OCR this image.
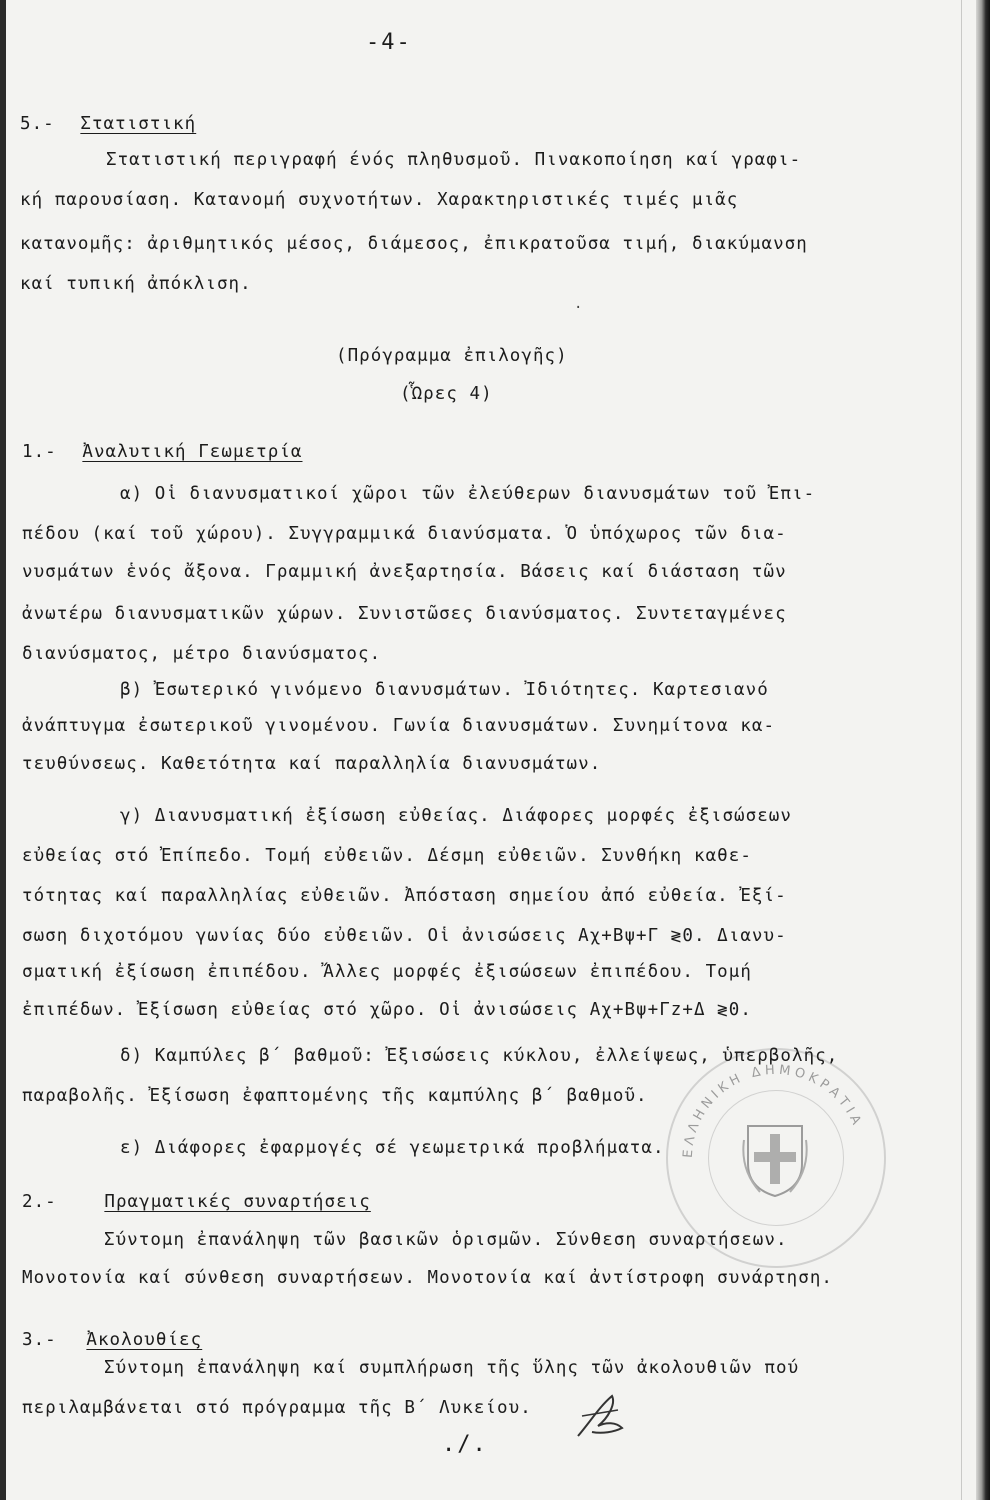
-4-
5.- Στατιστική
Στατιστική περιγραφή ένός πληθυσμοῦ. Πινακοποίηση καί γραφι-
κή παρουσίαση. Κατανομή συχνοτήτων. Χαρακτηριστικές τιμές μιᾶς
κατανομῆς: ἀριθμητικός μέσος, διάμεσος, ἐπικρατοῦσα τιμή, διακύμανση
καί τυπική ἀπόκλιση.
·
(Πρόγραμμα ἐπιλογῆς)
(Ὧρες 4)
1.- Ἀναλυτική Γεωμετρία
α) Οἱ διανυσματικοί χῶροι τῶν ἐλεύθερων διανυσμάτων τοῦ Ἐπι-
πέδου (καί τοῦ χώρου). Συγγραμμικά διανύσματα. Ὁ ὑπόχωρος τῶν δια-
νυσμάτων ἑνός ἄξονα. Γραμμική ἀνεξαρτησία. Βάσεις καί διάσταση τῶν
ἀνωτέρω διανυσματικῶν χώρων. Συνιστῶσες διανύσματος. Συντεταγμένες
διανύσματος, μέτρο διανύσματος.
β) Ἐσωτερικό γινόμενο διανυσμάτων. Ἰδιότητες. Καρτεσιανό
ἀνάπτυγμα ἐσωτερικοῦ γινομένου. Γωνία διανυσμάτων. Συνημίτονα κα-
τευθύνσεως. Καθετότητα καί παραλληλία διανυσμάτων.
γ) Διανυσματική ἐξίσωση εὐθείας. Διάφορες μορφές ἐξισώσεων
εὐθείας στό Ἐπίπεδο. Τομή εὐθειῶν. Δέσμη εὐθειῶν. Συνθήκη καθε-
τότητας καί παραλληλίας εὐθειῶν. Ἀπόσταση σημείου ἀπό εὐθεία. Ἐξί-
σωση διχοτόμου γωνίας δύο εὐθειῶν. Οἱ ἀνισώσεις Αχ+Βψ+Γ ≷0. Διανυ-
σματική ἐξίσωση ἐπιπέδου. Ἄλλες μορφές ἐξισώσεων ἐπιπέδου. Τομή
ἐπιπέδων. Ἐξίσωση εὐθείας στό χῶρο. Οἱ ἀνισώσεις Αχ+Βψ+Γz+Δ ≷0.
δ) Καμπύλες β΄ βαθμοῦ: Ἐξισώσεις κύκλου, ἐλλείψεως, ὑπερβολῆς,
παραβολῆς. Ἐξίσωση ἐφαπτομένης τῆς καμπύλης β΄ βαθμοῦ.
ε) Διάφορες ἐφαρμογές σέ γεωμετρικά προβλήματα.
2.-	Πραγματικές συναρτήσεις
Σύντομη ἐπανάληψη τῶν βασικῶν ὁρισμῶν. Σύνθεση συναρτήσεων.
Μονοτονία καί σύνθεση συναρτήσεων. Μονοτονία καί ἀντίστροφη συνάρτηση.
3.- Ἀκολουθίες
Σύντομη ἐπανάληψη καί συμπλήρωση τῆς ὕλης τῶν ἀκολουθιῶν πού
περιλαμβάνεται στό πρόγραμμα τῆς Β΄ Λυκείου.
./.
ΕΛΛΗΝΙΚΗ ΔΗΜΟΚΡΑΤΙΑ
